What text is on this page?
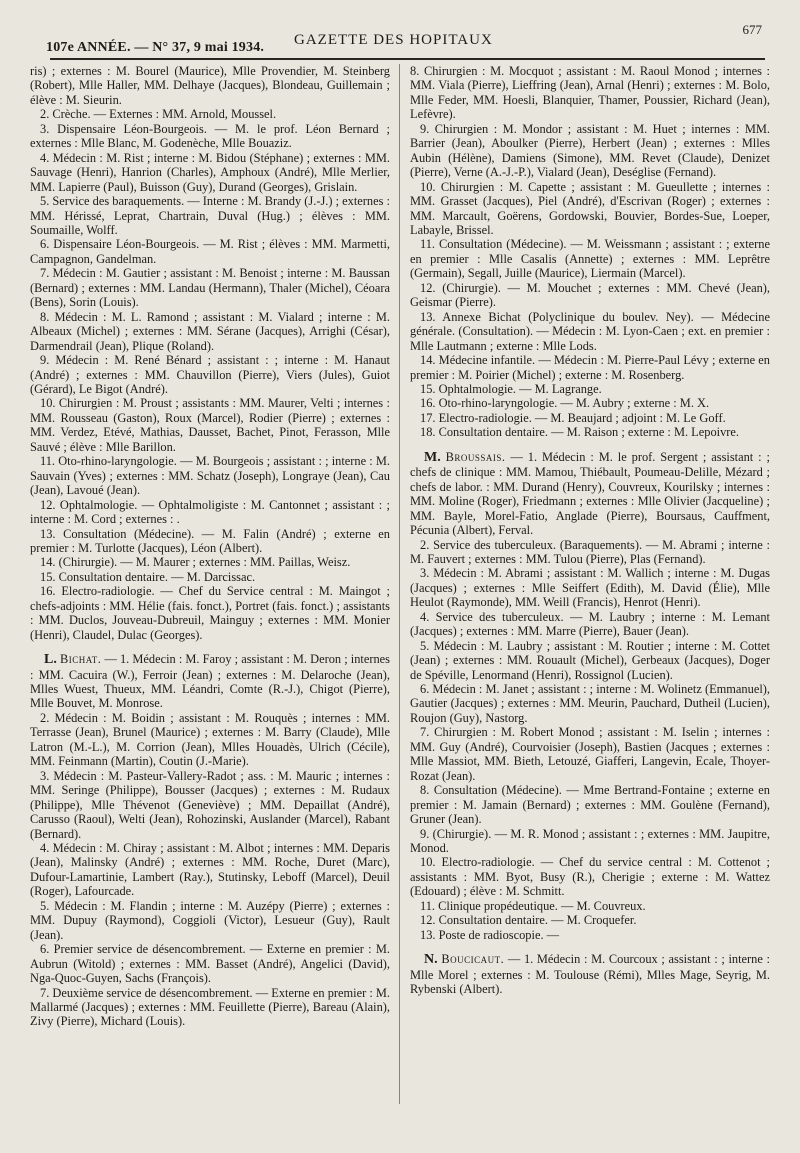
107e ANNÉE. — N° 37, 9 mai 1934. GAZETTE DES HOPITAUX
677

ris) ; externes : M. Bourel (Maurice), Mlle Provendier, M. Steinberg (Robert), Mlle Haller, MM. Delhaye (Jacques), Blondeau, Guillemain ; élève : M. Sieurin.

2. Crèche. — Externes : MM. Arnold, Moussel.

3. Dispensaire Léon-Bourgeois. — M. le prof. Léon Bernard ; externes : Mlle Blanc, M. Godenèche, Mlle Bouaziz.

4. Médecin : M. Rist ; interne : M. Bidou (Stéphane) ; externes : MM. Sauvage (Henri), Hanrion (Charles), Amphoux (André), Mlle Merlier, MM. Lapierre (Paul), Buisson (Guy), Durand (Georges), Grislain.

5. Service des baraquements. — Interne : M. Brandy (J.-J.) ; externes : MM. Hérissé, Leprat, Chartrain, Duval (Hug.) ; élèves : MM. Soumaille, Wolff.

6. Dispensaire Léon-Bourgeois. — M. Rist ; élèves : MM. Marmetti, Campagnon, Gandelman.

7. Médecin : M. Gautier ; assistant : M. Benoist ; interne : M. Baussan (Bernard) ; externes : MM. Landau (Hermann), Thaler (Michel), Céoara (Bens), Sorin (Louis).

8. Médecin : M. L. Ramond ; assistant : M. Vialard ; interne : M. Albeaux (Michel) ; externes : MM. Sérane (Jacques), Arrighi (César), Darmendrail (Jean), Plique (Roland).

9. Médecin : M. René Bénard ; assistant : ; interne : M. Hanaut (André) ; externes : MM. Chauvillon (Pierre), Viers (Jules), Guiot (Gérard), Le Bigot (André).

10. Chirurgien : M. Proust ; assistants : MM. Maurer, Velti ; internes : MM. Rousseau (Gaston), Roux (Marcel), Rodier (Pierre) ; externes : MM. Verdez, Etévé, Mathias, Dausset, Bachet, Pinot, Ferasson, Mlle Sauvé ; élève : Mlle Barillon.

11. Oto-rhino-laryngologie. — M. Bourgeois ; assistant : ; interne : M. Sauvain (Yves) ; externes : MM. Schatz (Joseph), Longraye (Jean), Cau (Jean), Lavoué (Jean).

12. Ophtalmologie. — Ophtalmoligiste : M. Cantonnet ; assistant : ; interne : M. Cord ; externes : .

13. Consultation (Médecine). — M. Falin (André) ; externe en premier : M. Turlotte (Jacques), Léon (Albert).

14. (Chirurgie). — M. Maurer ; externes : MM. Paillas, Weisz.

15. Consultation dentaire. — M. Darcissac.

16. Electro-radiologie. — Chef du Service central : M. Maingot ; chefs-adjoints : MM. Hélie (fais. fonct.), Portret (fais. fonct.) ; assistants : MM. Duclos, Jouveau-Dubreuil, Mainguy ; externes : MM. Monier (Henri), Claudel, Dulac (Georges).

L. Bichat. — 1. Médecin : M. Faroy ; assistant : M. Deron ; internes : MM. Cacuira (W.), Ferroir (Jean) ; externes : M. Delaroche (Jean), Mlles Wuest, Thueux, MM. Léandri, Comte (R.-J.), Chigot (Pierre), Mlle Bouvet, M. Monrose.

2. Médecin : M. Boidin ; assistant : M. Rouquès ; internes : MM. Terrasse (Jean), Brunel (Maurice) ; externes : M. Barry (Claude), Mlle Latron (M.-L.), M. Corrion (Jean), Mlles Houadès, Ulrich (Cécile), MM. Feinmann (Martin), Coutin (J.-Marie).

3. Médecin : M. Pasteur-Vallery-Radot ; ass. : M. Mauric ; internes : MM. Seringe (Philippe), Bousser (Jacques) ; externes : M. Rudaux (Philippe), Mlle Thévenot (Geneviève) ; MM. Depaillat (André), Carusso (Raoul), Welti (Jean), Rohozinski, Auslander (Marcel), Rabant (Bernard).

4. Médecin : M. Chiray ; assistant : M. Albot ; internes : MM. Deparis (Jean), Malinsky (André) ; externes : MM. Roche, Duret (Marc), Dufour-Lamartinie, Lambert (Ray.), Stutinsky, Leboff (Marcel), Deuil (Roger), Lafourcade.

5. Médecin : M. Flandin ; interne : M. Auzépy (Pierre) ; externes : MM. Dupuy (Raymond), Coggioli (Victor), Lesueur (Guy), Rault (Jean).

6. Premier service de désencombrement. — Externe en premier : M. Aubrun (Witold) ; externes : MM. Basset (André), Angelici (David), Nga-Quoc-Guyen, Sachs (François).

7. Deuxième service de désencombrement. — Externe en premier : M. Mallarmé (Jacques) ; externes : MM. Feuillette (Pierre), Bareau (Alain), Zivy (Pierre), Michard (Louis).

8. Chirurgien : M. Mocquot ; assistant : M. Raoul Monod ; internes : MM. Viala (Pierre), Lieffring (Jean), Arnal (Henri) ; externes : M. Bolo, Mlle Feder, MM. Hoesli, Blanquier, Thamer, Poussier, Richard (Jean), Lefèvre).

9. Chirurgien : M. Mondor ; assistant : M. Huet ; internes : MM. Barrier (Jean), Aboulker (Pierre), Herbert (Jean) ; externes : Mlles Aubin (Hélène), Damiens (Simone), MM. Revet (Claude), Denizet (Pierre), Verne (A.-J.-P.), Vialard (Jean), Deséglise (Fernand).

10. Chirurgien : M. Capette ; assistant : M. Gueullette ; internes : MM. Grasset (Jacques), Piel (André), d'Escrivan (Roger) ; externes : MM. Marcault, Goërens, Gordowski, Bouvier, Bordes-Sue, Loeper, Labayle, Brissel.

11. Consultation (Médecine). — M. Weissmann ; assistant : ; externe en premier : Mlle Casalis (Annette) ; externes : MM. Leprêtre (Germain), Segall, Juille (Maurice), Liermain (Marcel).

12. (Chirurgie). — M. Mouchet ; externes : MM. Chevé (Jean), Geismar (Pierre).

13. Annexe Bichat (Polyclinique du boulev. Ney). — Médecine générale. (Consultation). — Médecin : M. Lyon-Caen ; ext. en premier : Mlle Lautmann ; externe : Mlle Lods.

14. Médecine infantile. — Médecin : M. Pierre-Paul Lévy ; externe en premier : M. Poirier (Michel) ; externe : M. Rosenberg.

15. Ophtalmologie. — M. Lagrange.

16. Oto-rhino-laryngologie. — M. Aubry ; externe : M. X.

17. Electro-radiologie. — M. Beaujard ; adjoint : M. Le Goff.

18. Consultation dentaire. — M. Raison ; externe : M. Lepoivre.

M. Broussais. — 1. Médecin : M. le prof. Sergent ; assistant : ; chefs de clinique : MM. Mamou, Thiébault, Poumeau-Delille, Mézard ; chefs de labor. : MM. Durand (Henry), Couvreux, Kourilsky ; internes : MM. Moline (Roger), Friedmann ; externes : Mlle Olivier (Jacqueline) ; MM. Bayle, Morel-Fatio, Anglade (Pierre), Boursaus, Cauffment, Pécunia (Albert), Ferval.

2. Service des tuberculeux. (Baraquements). — M. Abrami ; interne : M. Fauvert ; externes : MM. Tulou (Pierre), Plas (Fernand).

3. Médecin : M. Abrami ; assistant : M. Wallich ; interne : M. Dugas (Jacques) ; externes : Mlle Seiffert (Edith), M. David (Élie), Mlle Heulot (Raymonde), MM. Weill (Francis), Henrot (Henri).

4. Service des tuberculeux. — M. Laubry ; interne : M. Lemant (Jacques) ; externes : MM. Marre (Pierre), Bauer (Jean).

5. Médecin : M. Laubry ; assistant : M. Routier ; interne : M. Cottet (Jean) ; externes : MM. Rouault (Michel), Gerbeaux (Jacques), Doger de Spéville, Lenormand (Henri), Rossignol (Lucien).

6. Médecin : M. Janet ; assistant : ; interne : M. Wolinetz (Emmanuel), Gautier (Jacques) ; externes : MM. Meurin, Pauchard, Dutheil (Lucien), Roujon (Guy), Nastorg.

7. Chirurgien : M. Robert Monod ; assistant : M. Iselin ; internes : MM. Guy (André), Courvoisier (Joseph), Bastien (Jacques ; externes : Mlle Massiot, MM. Bieth, Letouzé, Giafferi, Langevin, Ecale, Thoyer-Rozat (Jean).

8. Consultation (Médecine). — Mme Bertrand-Fontaine ; externe en premier : M. Jamain (Bernard) ; externes : MM. Goulène (Fernand), Gruner (Jean).

9. (Chirurgie). — M. R. Monod ; assistant : ; externes : MM. Jaupitre, Monod.

10. Electro-radiologie. — Chef du service central : M. Cottenot ; assistants : MM. Byot, Busy (R.), Cherigie ; externe : M. Wattez (Edouard) ; élève : M. Schmitt.

11. Clinique propédeutique. — M. Couvreux.

12. Consultation dentaire. — M. Croquefer.

13. Poste de radioscopie. —

N. Boucicaut. — 1. Médecin : M. Courcoux ; assistant : ; interne : Mlle Morel ; externes : M. Toulouse (Rémi), Mlles Mage, Seyrig, M. Rybenski (Albert).
